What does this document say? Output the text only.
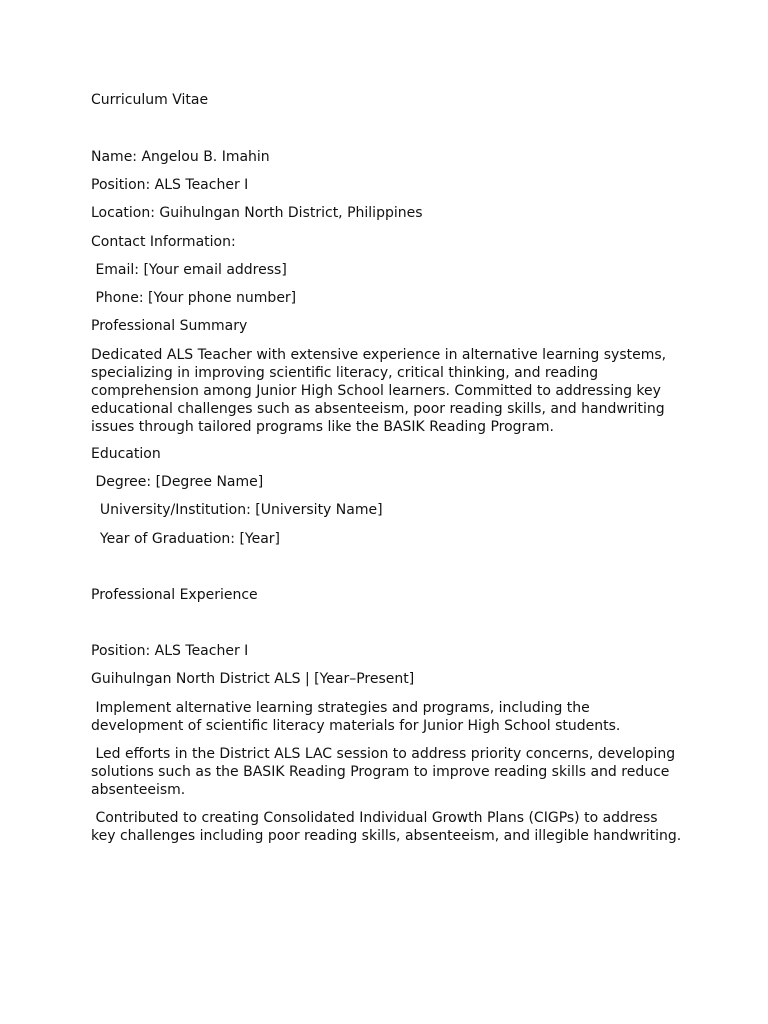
Curriculum Vitae

Name: Angelou B. Imahin

Position: ALS Teacher I

Location: Guihulngan North District, Philippines

Contact Information:

Email: [Your email address]

Phone: [Your phone number]

Professional Summary

Dedicated ALS Teacher with extensive experience in alternative learning systems,
specializing in improving scientific literacy, critical thinking, and reading
comprehension among Junior High School learners. Committed to addressing key
educational challenges such as absenteeism, poor reading skills, and handwriting
issues through tailored programs like the BASIK Reading Program.

Education

Degree: [Degree Name]

University/Institution: [University Name]

Year of Graduation: [Year]

Professional Experience

Position: ALS Teacher I

Guihulngan North District ALS | [Year–Present]

Implement alternative learning strategies and programs, including the
development of scientific literacy materials for Junior High School students.

Led efforts in the District ALS LAC session to address priority concerns, developing
solutions such as the BASIK Reading Program to improve reading skills and reduce
absenteeism.

Contributed to creating Consolidated Individual Growth Plans (CIGPs) to address
key challenges including poor reading skills, absenteeism, and illegible handwriting.
